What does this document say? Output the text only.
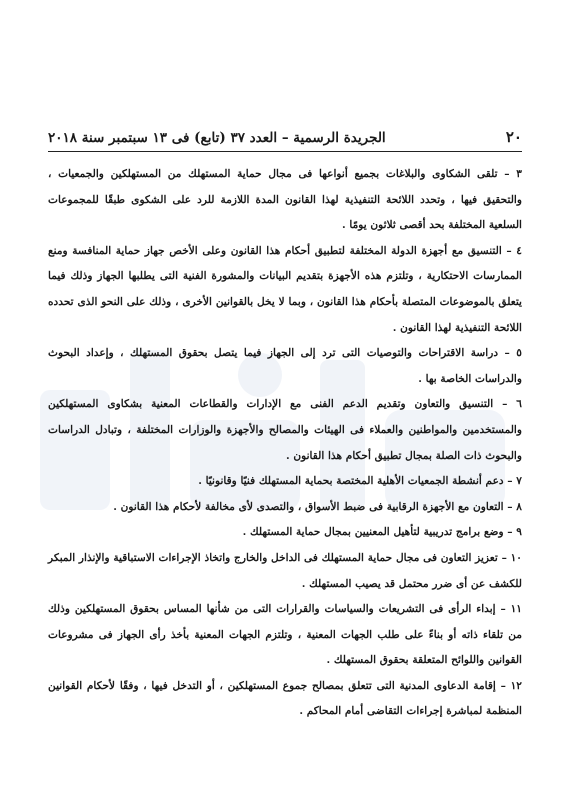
٢٠
الجريدة الرسمية – العدد ٣٧ (تابع) فى ١٣ سبتمبر سنة ٢٠١٨

٣ – تلقى الشكاوى والبلاغات بجميع أنواعها فى مجال حماية المستهلك من المستهلكين والجمعيات ، والتحقيق فيها ، وتحدد اللائحة التنفيذية لهذا القانون المدة اللازمة للرد على الشكوى طبقًا للمجموعات السلعية المختلفة بحد أقصى ثلاثون يومًا .

٤ – التنسيق مع أجهزة الدولة المختلفة لتطبيق أحكام هذا القانون وعلى الأخص جهاز حماية المنافسة ومنع الممارسات الاحتكارية ، وتلتزم هذه الأجهزة بتقديم البيانات والمشورة الفنية التى يطلبها الجهاز وذلك فيما يتعلق بالموضوعات المتصلة بأحكام هذا القانون ، وبما لا يخل بالقوانين الأخرى ، وذلك على النحو الذى تحدده اللائحة التنفيذية لهذا القانون .

٥ – دراسة الاقتراحات والتوصيات التى ترد إلى الجهاز فيما يتصل بحقوق المستهلك ، وإعداد البحوث والدراسات الخاصة بها .

٦ – التنسيق والتعاون وتقديم الدعم الفنى مع الإدارات والقطاعات المعنية بشكاوى المستهلكين والمستخدمين والمواطنين والعملاء فى الهيئات والمصالح والأجهزة والوزارات المختلفة ، وتبادل الدراسات والبحوث ذات الصلة بمجال تطبيق أحكام هذا القانون .

٧ – دعم أنشطة الجمعيات الأهلية المختصة بحماية المستهلك فنيًا وقانونيًا .

٨ – التعاون مع الأجهزة الرقابية فى ضبط الأسواق ، والتصدى لأى مخالفة لأحكام هذا القانون .

٩ – وضع برامج تدريبية لتأهيل المعنيين بمجال حماية المستهلك .

١٠ – تعزيز التعاون فى مجال حماية المستهلك فى الداخل والخارج واتخاذ الإجراءات الاستباقية والإنذار المبكر للكشف عن أى ضرر محتمل قد يصيب المستهلك .

١١ – إبداء الرأى فى التشريعات والسياسات والقرارات التى من شأنها المساس بحقوق المستهلكين وذلك من تلقاء ذاته أو بناءً على طلب الجهات المعنية ، وتلتزم الجهات المعنية بأخذ رأى الجهاز فى مشروعات القوانين واللوائح المتعلقة بحقوق المستهلك .

١٢ – إقامة الدعاوى المدنية التى تتعلق بمصالح جموع المستهلكين ، أو التدخل فيها ، وفقًا لأحكام القوانين المنظمة لمباشرة إجراءات التقاضى أمام المحاكم .
